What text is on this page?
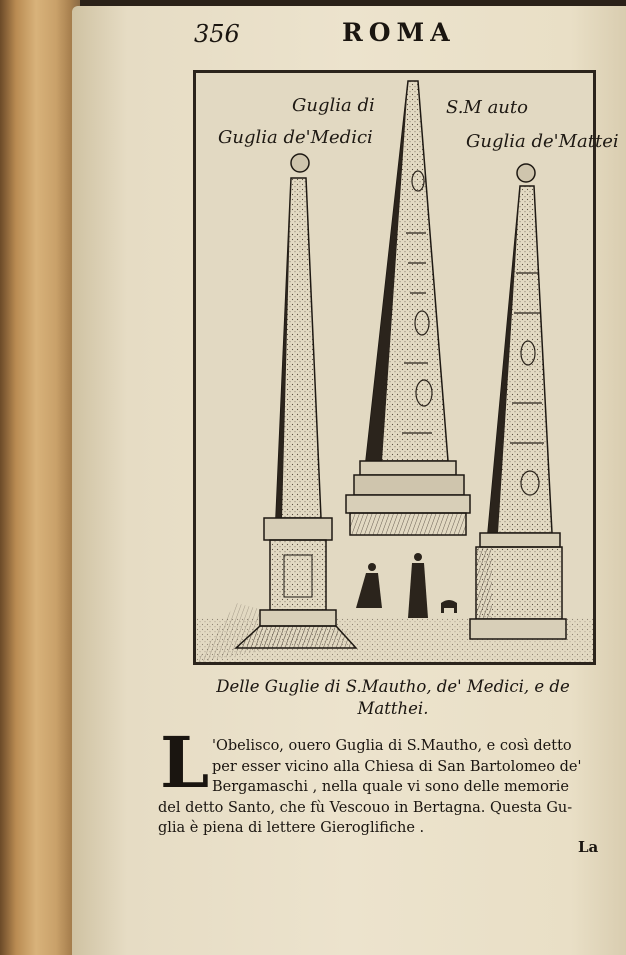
356	ROMA
Guglia di	S.M auto
Guglia de'Medici	Guglia de'Mattei
Delle Guglie di S.Mautho, de' Medici, e de
Matthei.
L 'Obelisco, ouero Guglia di S.Mautho, e così detto
per esser vicino alla Chiesa di San Bartolomeo de'
Bergamaschi , nella quale vi sono delle memorie
del detto Santo, che fù Vescouo in Bertagna. Questa Gu-
glia è piena di lettere Gieroglifiche .
La
